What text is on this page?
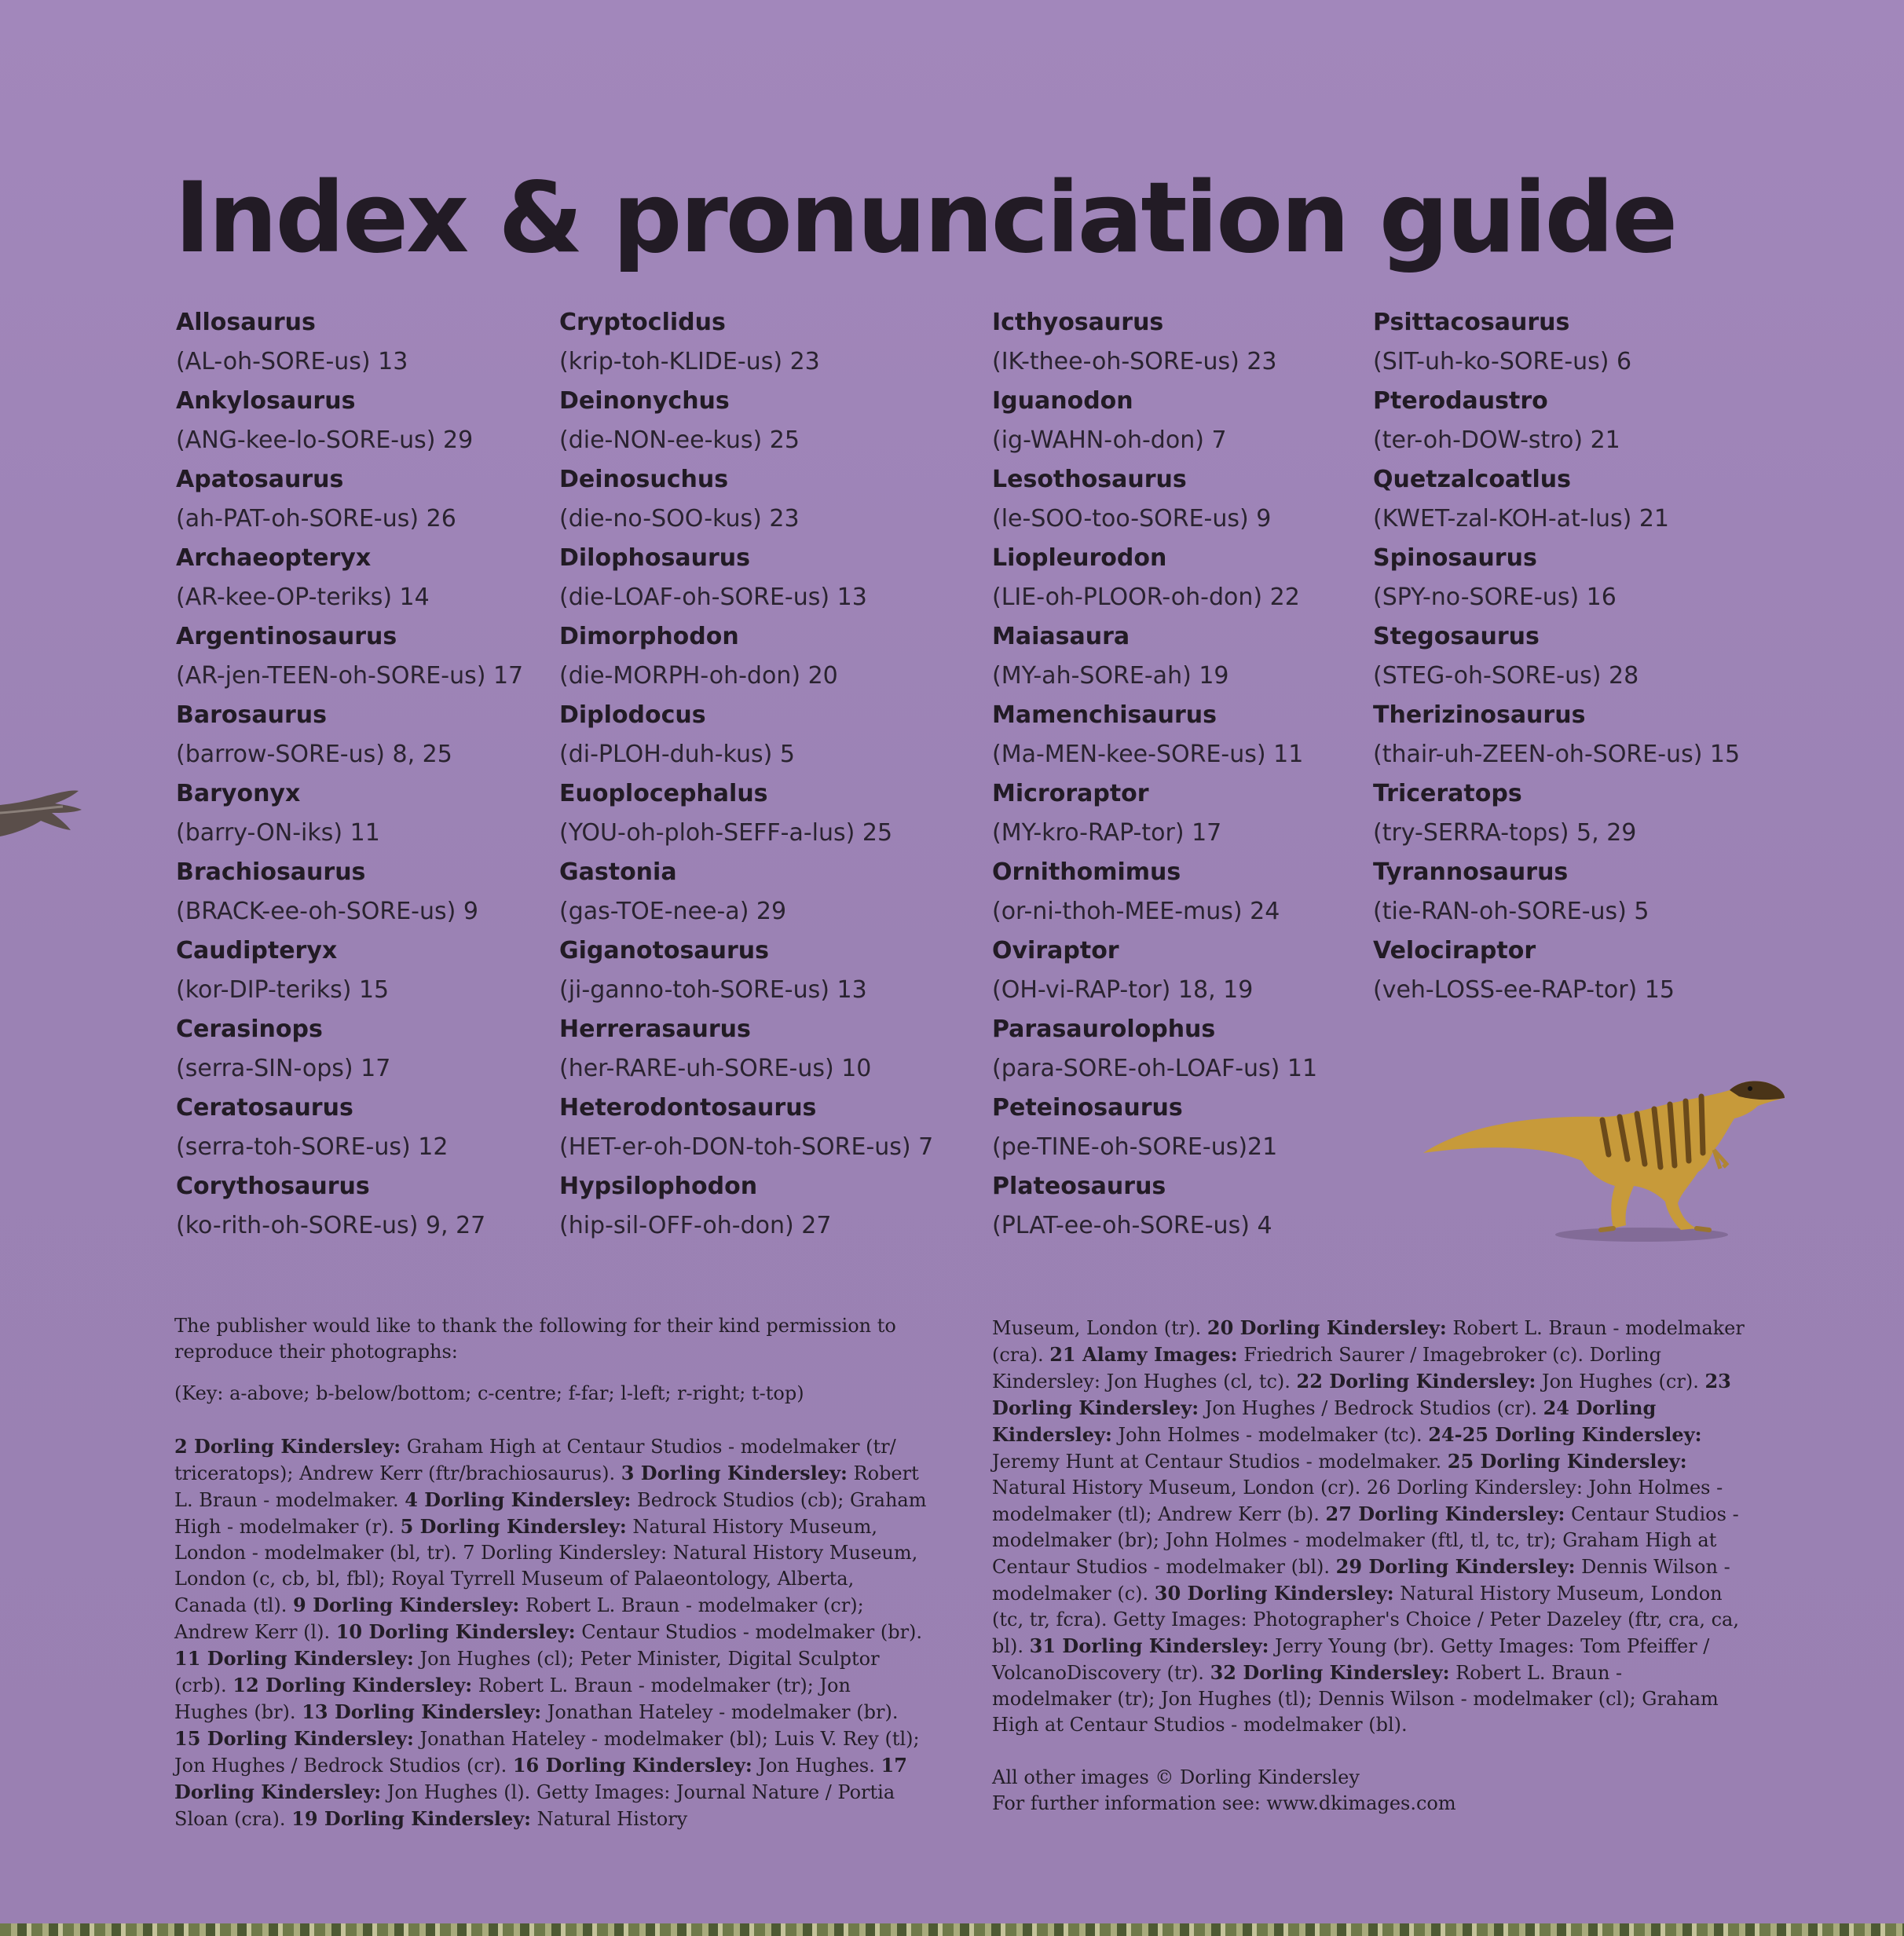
Index & pronunciation guide
Allosaurus
(AL-oh-SORE-us) 13
Ankylosaurus
(ANG-kee-lo-SORE-us) 29
Apatosaurus
(ah-PAT-oh-SORE-us) 26
Archaeopteryx
(AR-kee-OP-teriks) 14
Argentinosaurus
(AR-jen-TEEN-oh-SORE-us) 17
Barosaurus
(barrow-SORE-us) 8, 25
Baryonyx
(barry-ON-iks) 11
Brachiosaurus
(BRACK-ee-oh-SORE-us) 9
Caudipteryx
(kor-DIP-teriks) 15
Cerasinops
(serra-SIN-ops) 17
Ceratosaurus
(serra-toh-SORE-us) 12
Corythosaurus
(ko-rith-oh-SORE-us) 9, 27
Cryptoclidus
(krip-toh-KLIDE-us) 23
Deinonychus
(die-NON-ee-kus) 25
Deinosuchus
(die-no-SOO-kus) 23
Dilophosaurus
(die-LOAF-oh-SORE-us) 13
Dimorphodon
(die-MORPH-oh-don) 20
Diplodocus
(di-PLOH-duh-kus) 5
Euoplocephalus
(YOU-oh-ploh-SEFF-a-lus) 25
Gastonia
(gas-TOE-nee-a) 29
Giganotosaurus
(ji-ganno-toh-SORE-us) 13
Herrerasaurus
(her-RARE-uh-SORE-us) 10
Heterodontosaurus
(HET-er-oh-DON-toh-SORE-us) 7
Hypsilophodon
(hip-sil-OFF-oh-don) 27
Icthyosaurus
(IK-thee-oh-SORE-us) 23
Iguanodon
(ig-WAHN-oh-don) 7
Lesothosaurus
(le-SOO-too-SORE-us) 9
Liopleurodon
(LIE-oh-PLOOR-oh-don) 22
Maiasaura
(MY-ah-SORE-ah) 19
Mamenchisaurus
(Ma-MEN-kee-SORE-us) 11
Microraptor
(MY-kro-RAP-tor) 17
Ornithomimus
(or-ni-thoh-MEE-mus) 24
Oviraptor
(OH-vi-RAP-tor) 18, 19
Parasaurolophus
(para-SORE-oh-LOAF-us) 11
Peteinosaurus
(pe-TINE-oh-SORE-us)21
Plateosaurus
(PLAT-ee-oh-SORE-us) 4
Psittacosaurus
(SIT-uh-ko-SORE-us) 6
Pterodaustro
(ter-oh-DOW-stro) 21
Quetzalcoatlus
(KWET-zal-KOH-at-lus) 21
Spinosaurus
(SPY-no-SORE-us) 16
Stegosaurus
(STEG-oh-SORE-us) 28
Therizinosaurus
(thair-uh-ZEEN-oh-SORE-us) 15
Triceratops
(try-SERRA-tops) 5, 29
Tyrannosaurus
(tie-RAN-oh-SORE-us) 5
Velociraptor
(veh-LOSS-ee-RAP-tor) 15

The publisher would like to thank the following for their kind permission to reproduce their photographs:

(Key: a-above; b-below/bottom; c-centre; f-far; l-left; r-right; t-top)

2 Dorling Kindersley: Graham High at Centaur Studios - modelmaker (tr/ triceratops); Andrew Kerr (ftr/brachiosaurus). 3 Dorling Kindersley: Robert L. Braun - modelmaker. 4 Dorling Kindersley: Bedrock Studios (cb); Graham High - modelmaker (r). 5 Dorling Kindersley: Natural History Museum, London - modelmaker (bl, tr). 7 Dorling Kindersley: Natural History Museum, London (c, cb, bl, fbl); Royal Tyrrell Museum of Palaeontology, Alberta, Canada (tl). 9 Dorling Kindersley: Robert L. Braun - modelmaker (cr); Andrew Kerr (l). 10 Dorling Kindersley: Centaur Studios - modelmaker (br). 11 Dorling Kindersley: Jon Hughes (cl); Peter Minister, Digital Sculptor (crb). 12 Dorling Kindersley: Robert L. Braun - modelmaker (tr); Jon Hughes (br). 13 Dorling Kindersley: Jonathan Hateley - modelmaker (br). 15 Dorling Kindersley: Jonathan Hateley - modelmaker (bl); Luis V. Rey (tl); Jon Hughes / Bedrock Studios (cr). 16 Dorling Kindersley: Jon Hughes. 17 Dorling Kindersley: Jon Hughes (l). Getty Images: Journal Nature / Portia Sloan (cra). 19 Dorling Kindersley: Natural History

Museum, London (tr). 20 Dorling Kindersley: Robert L. Braun - modelmaker (cra). 21 Alamy Images: Friedrich Saurer / Imagebroker (c). Dorling Kindersley: Jon Hughes (cl, tc). 22 Dorling Kindersley: Jon Hughes (cr). 23 Dorling Kindersley: Jon Hughes / Bedrock Studios (cr). 24 Dorling Kindersley: John Holmes - modelmaker (tc). 24-25 Dorling Kindersley: Jeremy Hunt at Centaur Studios - modelmaker. 25 Dorling Kindersley: Natural History Museum, London (cr). 26 Dorling Kindersley: John Holmes - modelmaker (tl); Andrew Kerr (b). 27 Dorling Kindersley: Centaur Studios - modelmaker (br); John Holmes - modelmaker (ftl, tl, tc, tr); Graham High at Centaur Studios - modelmaker (bl). 29 Dorling Kindersley: Dennis Wilson - modelmaker (c). 30 Dorling Kindersley: Natural History Museum, London (tc, tr, fcra). Getty Images: Photographer's Choice / Peter Dazeley (ftr, cra, ca, bl). 31 Dorling Kindersley: Jerry Young (br). Getty Images: Tom Pfeiffer / VolcanoDiscovery (tr). 32 Dorling Kindersley: Robert L. Braun - modelmaker (tr); Jon Hughes (tl); Dennis Wilson - modelmaker (cl); Graham High at Centaur Studios - modelmaker (bl).

All other images © Dorling Kindersley

For further information see: www.dkimages.com
